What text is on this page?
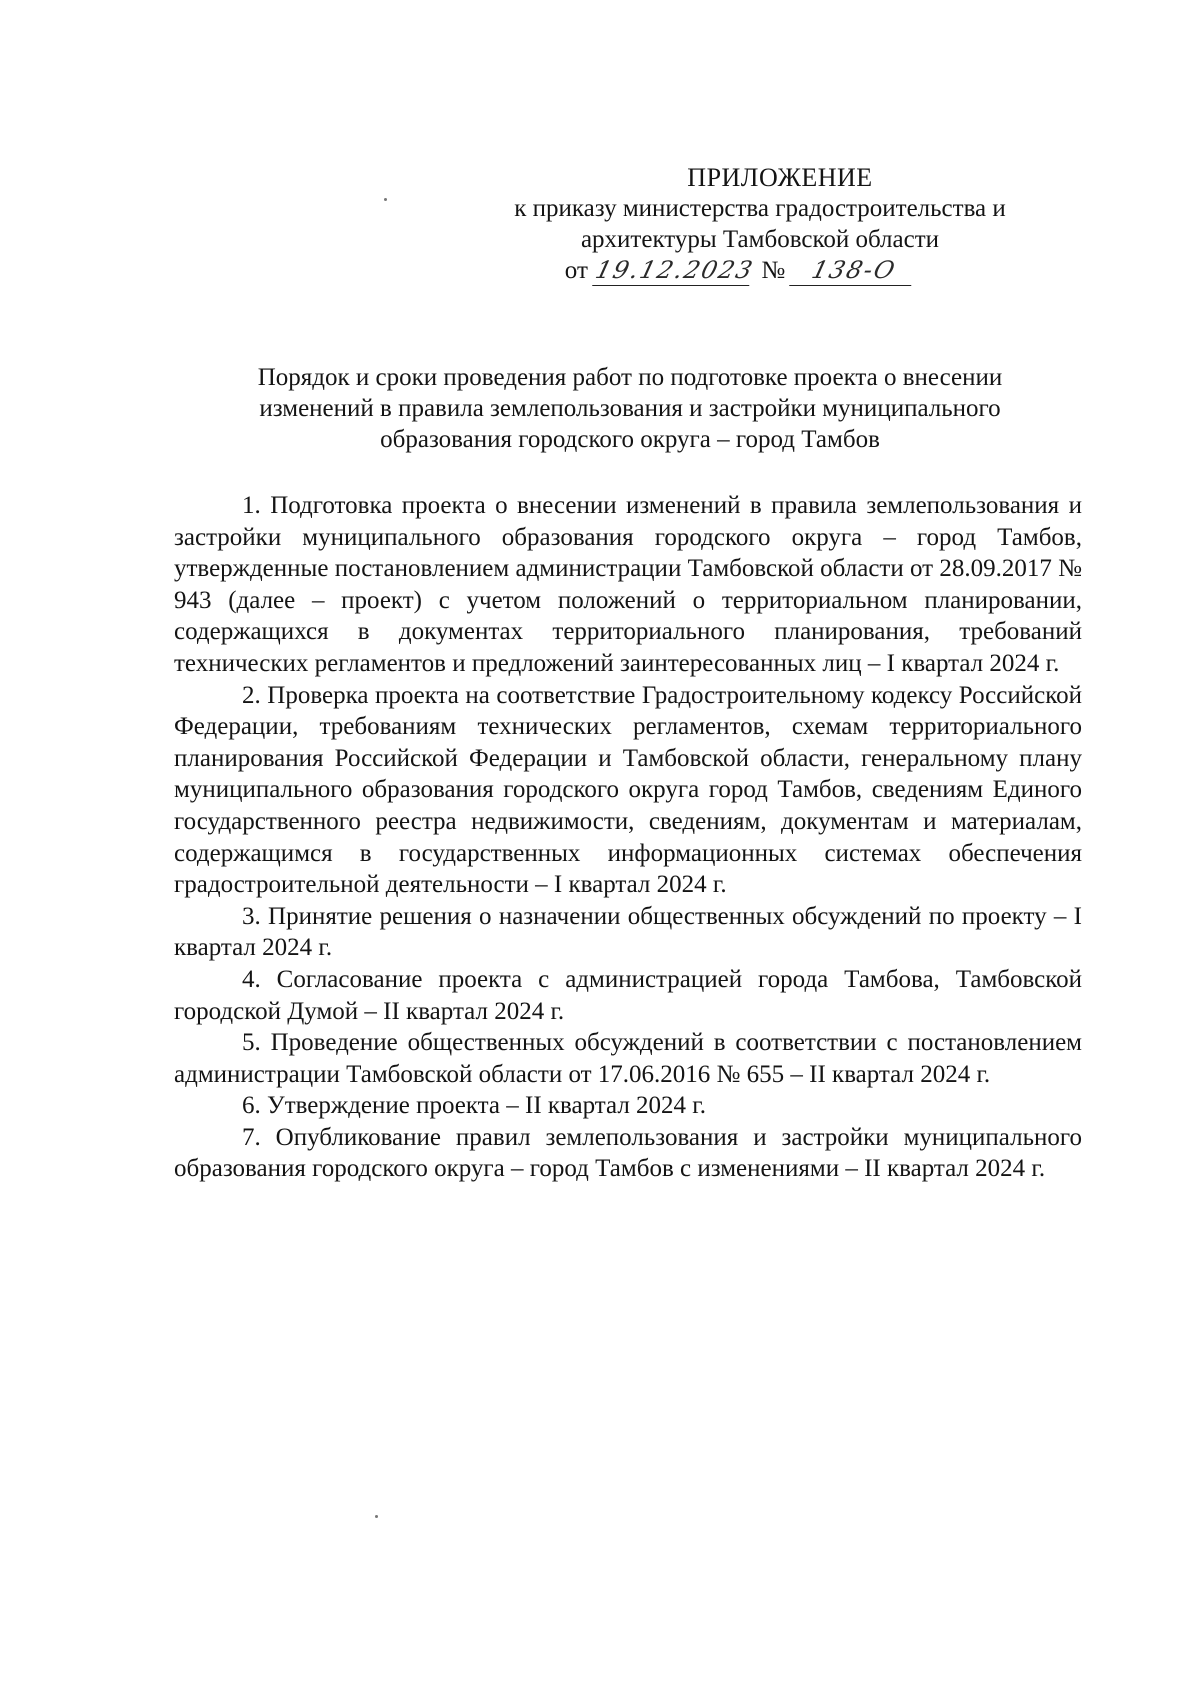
ПРИЛОЖЕНИЕ
к приказу министерства градостроительства и
архитектуры Тамбовской области
от 19.12.2023 № 138-О
Порядок и сроки проведения работ по подготовке проекта о внесении
изменений в правила землепользования и застройки муниципального
образования городского округа – город Тамбов

1. Подготовка проекта о внесении изменений в правила землепользования и застройки муниципального образования городского округа – город Тамбов, утвержденные постановлением администрации Тамбовской области от 28.09.2017 № 943 (далее – проект) с учетом положений о территориальном планировании, содержащихся в документах территориального планирования, требований технических регламентов и предложений заинтересованных лиц – I квартал 2024 г.

2. Проверка проекта на соответствие Градостроительному кодексу Российской Федерации, требованиям технических регламентов, схемам территориального планирования Российской Федерации и Тамбовской области, генеральному плану муниципального образования городского округа город Тамбов, сведениям Единого государственного реестра недвижимости, сведениям, документам и материалам, содержащимся в государственных информационных системах обеспечения градостроительной деятельности – I квартал 2024 г.

3. Принятие решения о назначении общественных обсуждений по проекту – I квартал 2024 г.

4. Согласование проекта с администрацией города Тамбова, Тамбовской городской Думой – II квартал 2024 г.

5. Проведение общественных обсуждений в соответствии с постановлением администрации Тамбовской области от 17.06.2016 № 655 – II квартал 2024 г.

6. Утверждение проекта – II квартал 2024 г.

7. Опубликование правил землепользования и застройки муниципального образования городского округа – город Тамбов с изменениями – II квартал 2024 г.
